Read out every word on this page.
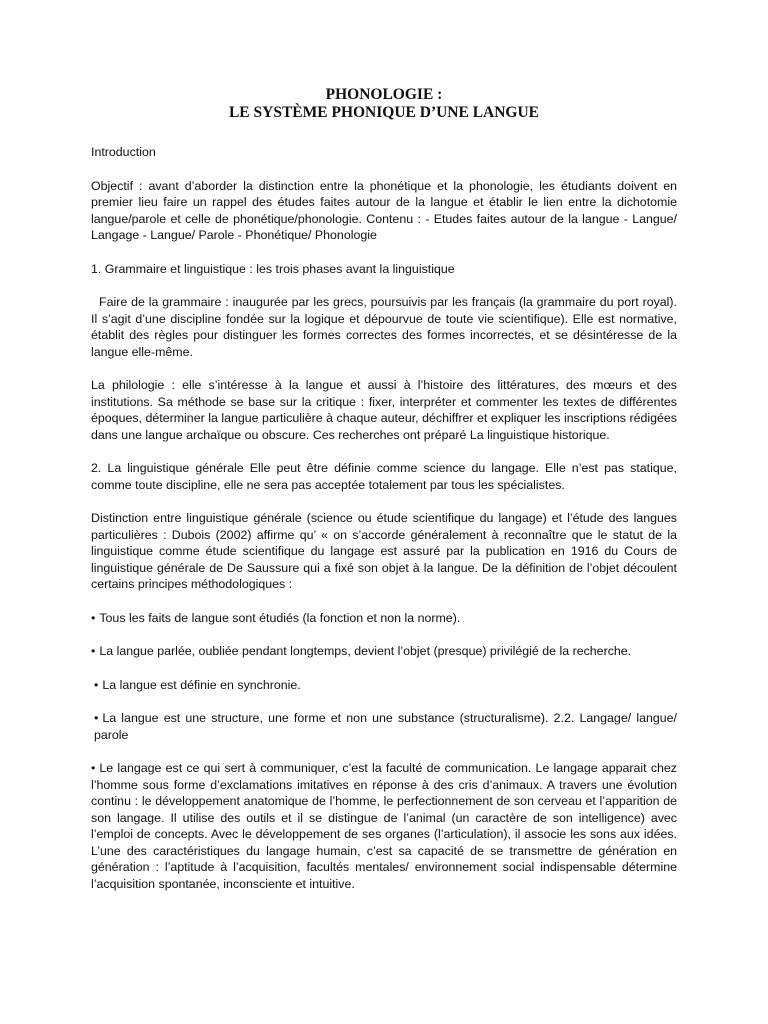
PHONOLOGIE :

LE SYSTÈME PHONIQUE D’UNE LANGUE

Introduction

Objectif : avant d’aborder la distinction entre la phonétique et la phonologie, les étudiants doivent en premier lieu faire un rappel des études faites autour de la langue et établir le lien entre la dichotomie langue/parole et celle de phonétique/phonologie. Contenu : - Etudes faites autour de la langue - Langue/ Langage - Langue/ Parole - Phonétique/ Phonologie

1. Grammaire et linguistique : les trois phases avant la linguistique

Faire de la grammaire : inaugurée par les grecs, poursuivis par les français (la grammaire du port royal). Il s’agit d’une discipline fondée sur la logique et dépourvue de toute vie scientifique). Elle est normative, établit des règles pour distinguer les formes correctes des formes incorrectes, et se désintéresse de la langue elle-même.

La philologie : elle s’intéresse à la langue et aussi à l’histoire des littératures, des mœurs et des institutions. Sa méthode se base sur la critique : fixer, interpréter et commenter les textes de différentes époques, déterminer la langue particulière à chaque auteur, déchiffrer et expliquer les inscriptions rédigées dans une langue archaïque ou obscure. Ces recherches ont préparé La linguistique historique.

2. La linguistique générale Elle peut être définie comme science du langage. Elle n’est pas statique, comme toute discipline, elle ne sera pas acceptée totalement par tous les spécialistes.

Distinction entre linguistique générale (science ou étude scientifique du langage) et l’étude des langues particulières : Dubois (2002) affirme qu’ « on s’accorde généralement à reconnaître que le statut de la linguistique comme étude scientifique du langage est assuré par la publication en 1916 du Cours de linguistique générale de De Saussure qui a fixé son objet à la langue. De la définition de l’objet découlent certains principes méthodologiques :

• Tous les faits de langue sont étudiés (la fonction et non la norme).

• La langue parlée, oubliée pendant longtemps, devient l’objet (presque) privilégié de la recherche.

• La langue est définie en synchronie.

• La langue est une structure, une forme et non une substance (structuralisme). 2.2. Langage/ langue/ parole

• Le langage est ce qui sert à communiquer, c’est la faculté de communication. Le langage apparait chez l’homme sous forme d’exclamations imitatives en réponse à des cris d’animaux. A travers une évolution continu : le développement anatomique de l’homme, le perfectionnement de son cerveau et l’apparition de son langage. Il utilise des outils et il se distingue de l’animal (un caractère de son intelligence) avec l’emploi de concepts. Avec le développement de ses organes (l’articulation), il associe les sons aux idées. L’une des caractéristiques du langage humain, c’est sa capacité de se transmettre de génération en génération : l’aptitude à l’acquisition, facultés mentales/ environnement social indispensable détermine l’acquisition spontanée, inconsciente et intuitive.
